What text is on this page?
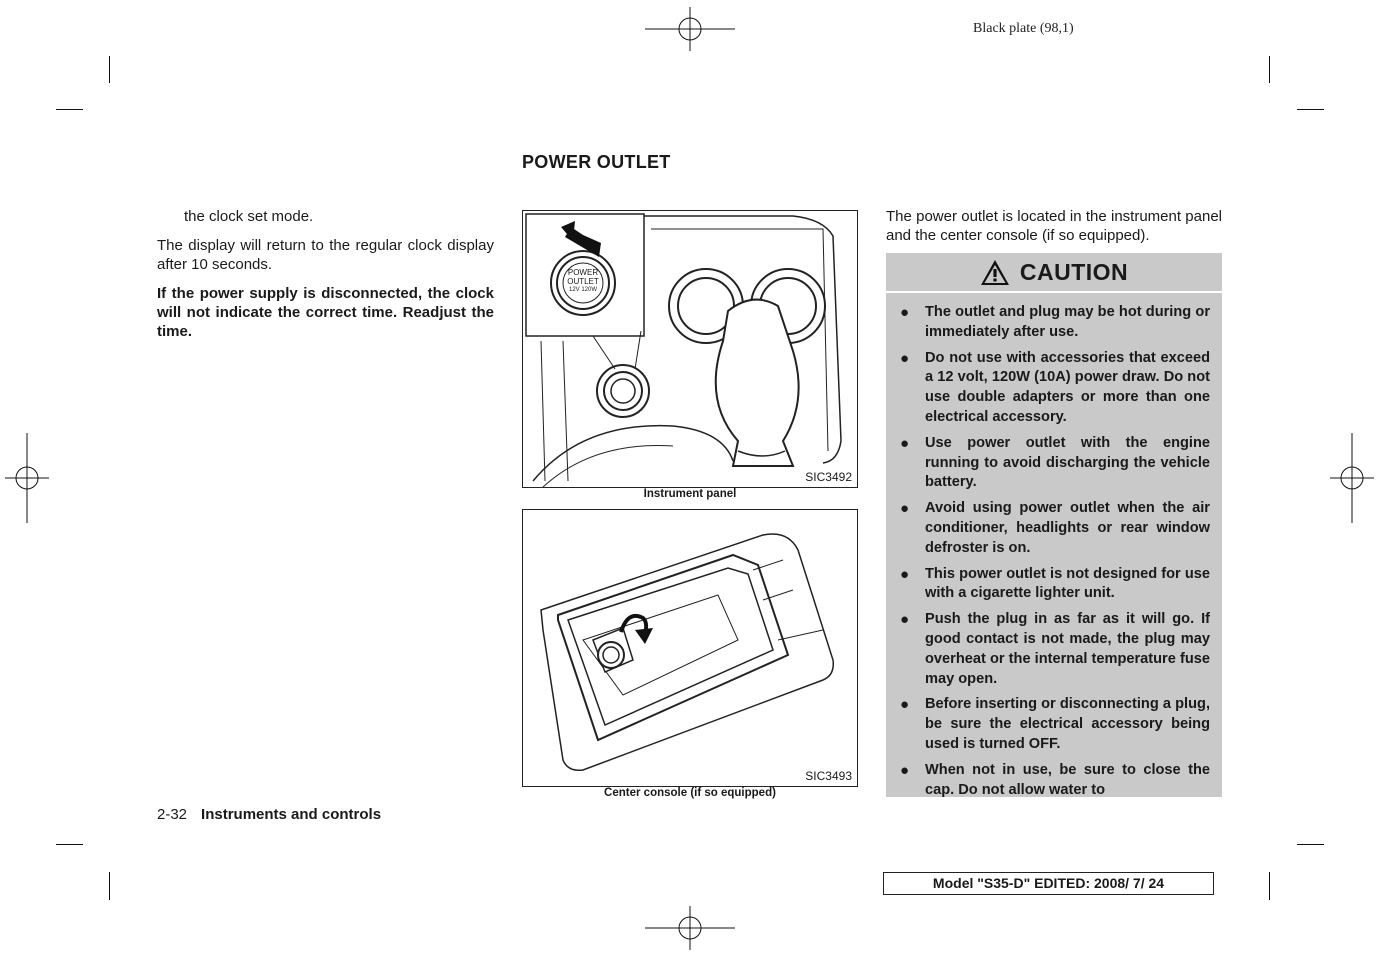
Black plate (98,1)

the clock set mode.

The display will return to the regular clock display after 10 seconds.

If the power supply is disconnected, the clock will not indicate the correct time. Readjust the time.

POWER OUTLET
POWER
OUTLET
12V 120W
SIC3492
Instrument panel
SIC3493
Center console (if so equipped)

The power outlet is located in the instrument panel and the center console (if so equipped).

CAUTION
● The outlet and plug may be hot during or immediately after use.
● Do not use with accessories that exceed a 12 volt, 120W (10A) power draw. Do not use double adapters or more than one electrical accessory.
● Use power outlet with the engine running to avoid discharging the vehicle battery.
● Avoid using power outlet when the air conditioner, headlights or rear window defroster is on.
● This power outlet is not designed for use with a cigarette lighter unit.
● Push the plug in as far as it will go. If good contact is not made, the plug may overheat or the internal temperature fuse may open.
● Before inserting or disconnecting a plug, be sure the electrical accessory being used is turned OFF.
● When not in use, be sure to close the cap. Do not allow water to
2-32 Instruments and controls
Model "S35-D" EDITED: 2008/ 7/ 24
